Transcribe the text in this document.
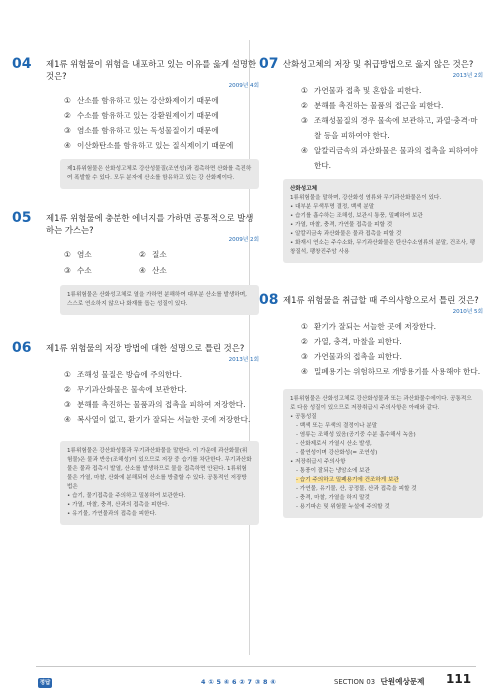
04	제1류 위험물이 위험을 내포하고 있는 이유를 옳게 설명한 것은?
2009년 4회
① 산소를 함유하고 있는 강산화제이기 때문에
② 수소를 함유하고 있는 강환원제이기 때문에
③ 염소를 함유하고 있는 독성물질이기 때문에
④ 이산화탄소를 함유하고 있는 질식제이기 때문에
제1류위험물은 산화성고체로 강산성물질(조연성)과 접촉하면 산화를 촉진하여 폭발할 수 있다. 모두 분자에 산소를 함유하고 있는 강 산화제이다.
05	제1류 위험물에 충분한 에너지를 가하면 공통적으로 발생하는 가스는?
2009년 2회
① 염소	② 질소
③ 수소	④ 산소
1류위험물은 산화성고체로 열을 가하면 분해하여 대부분 산소를 발생하며, 스스로 연소하지 않으나 화재를 돕는 성질이 있다.
06	제1류 위험물의 저장 방법에 대한 설명으로 틀린 것은?
2013년 1회
① 조해성 물질은 방습에 주의한다.
② 무기과산화물은 물속에 보관한다.
③ 분해를 촉진하는 물품과의 접촉을 피하여 저장한다.
④ 복사열이 없고, 환기가 잘되는 서늘한 곳에 저장한다.
1류위험물은 강산화성물과 무기과산화물을 말한다. 이 가운데 과산화물(위험물)은 물과 반응(조해성)이 있으므로 저장 중 습기를 차단한다. 무기과산화물은 물과 접촉시 발열, 산소를 발생하므로 물을 접촉하면 안된다. 1류위험물은 가열, 마찰, 산화에 분해되어 산소를 방출할 수 있다. 공통적인 저장방법은
• 습기, 물기접촉을 주의하고 밀봉하여 보관한다.
• 가열, 마찰, 충격, 산과의 접촉을 피한다.
• 유기물, 가연물과의 접촉을 피한다.
07 산화성고체의 저장 및 취급방법으로 옳지 않은 것은?
2013년 2회
① 가연물과 접촉 및 혼합을 피한다.
② 분해를 촉진하는 물품의 접근을 피한다.
③ 조해성물질의 경우 물속에 보관하고, 과열·충격·마찰 등을 피하여야 한다.
④ 알칼리금속의 과산화물은 물과의 접촉을 피하여야 한다.
산화성고체
1류위험물을 말하며, 강산화성 염류와 무기과산화물은이 있다.
• 대부분 무색투명 결정, 백색 분말
• 습기를 흡수하는 조해성, 보관시 통풍, 밀폐하여 보관
• 가열, 마찰, 충격, 가연물 접촉을 피할 것
• 알칼리금속 과산화물은 물과 접촉을 피할 것
• 화재시 연소는 주수소화, 무기과산화물은 탄산수소염류의 분말, 건조사, 팽창질석, 팽창진주암 사용
08 제1류 위험물을 취급할 때 주의사항으로서 틀린 것은?
2010년 5회
① 환기가 잘되는 서늘한 곳에 저장한다.
② 가열, 충격, 마찰을 피한다.
③ 가연물과의 접촉을 피한다.
④ 밀폐용기는 위험하므로 개방용기를 사용해야 한다.
1류위험물은 산화성고체로 강산화성물과 또는 과산화물수에이다. 공통적으로 다음 성질이 있으므로 저장취급시 주의사항은 아래와 같다.
• 공통성질
- 백색 또는 무색의 결정이나 분말
- 염류는 조해성 있음(공기중 수분 흡수해서 녹음)
- 산화제로서 가열시 산소 발생,
- 불연성이며 강산화성(= 조연성)
• 저장취급시 주의사항
- 통풍이 잘되는 냉암소에 보관
- 습기 주의하고 밀폐용기에 건조하게 보관
- 가연물, 유기물, 산, 공정물, 산과 접촉을 피할 것
- 충격, 마찰, 가열을 하지 말것
- 용기파손 및 위험물 누설에 주의할 것
정답	4 ① 5 ④ 6 ② 7 ③ 8 ④	SECTION 03 단원예상문제 111
